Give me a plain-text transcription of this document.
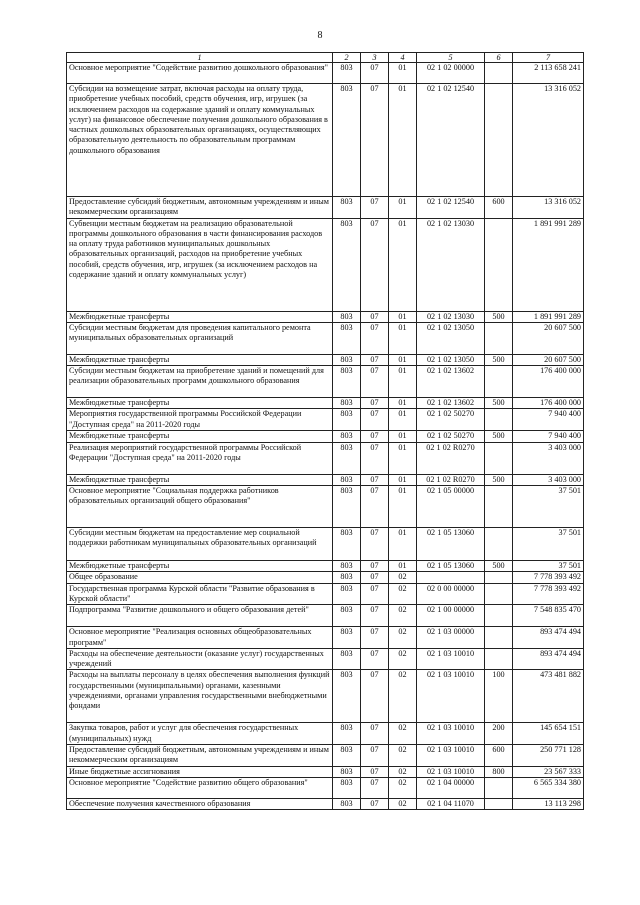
8
1	2	3	4	5	6	7
Основное мероприятие "Содействие развитию дошкольного образования"	803	07	01	02 1 02 00000		2 113 658 241
Субсидии на возмещение затрат, включая расходы на оплату труда, приобретение учебных пособий, средств обучения, игр, игрушек (за исключением расходов на содержание зданий и оплату коммунальных услуг) на финансовое обеспечение получения дошкольного образования в частных дошкольных образовательных организациях, осуществляющих образовательную деятельность по образовательным программам дошкольного образования	803	07	01	02 1 02 12540		13 316 052
Предоставление субсидий бюджетным, автономным учреждениям и иным некоммерческим организациям	803	07	01	02 1 02 12540	600	13 316 052
Субвенции местным бюджетам на реализацию образовательной программы дошкольного образования в части финансирования расходов на оплату труда работников муниципальных дошкольных образовательных организаций, расходов на приобретение учебных пособий, средств обучения, игр, игрушек (за исключением расходов на содержание зданий и оплату коммунальных услуг)	803	07	01	02 1 02 13030		1 891 991 289
Межбюджетные трансферты	803	07	01	02 1 02 13030	500	1 891 991 289
Субсидии местным бюджетам для проведения капитального ремонта муниципальных образовательных организаций	803	07	01	02 1 02 13050		20 607 500
Межбюджетные трансферты	803	07	01	02 1 02 13050	500	20 607 500
Субсидии местным бюджетам на приобретение зданий и помещений для реализации образовательных программ дошкольного образования	803	07	01	02 1 02 13602		176 400 000
Межбюджетные трансферты	803	07	01	02 1 02 13602	500	176 400 000
Мероприятия государственной программы Российской Федерации "Доступная среда" на 2011-2020 годы	803	07	01	02 1 02 50270		7 940 400
Межбюджетные трансферты	803	07	01	02 1 02 50270	500	7 940 400
Реализация мероприятий государственной программы Российской Федерации "Доступная среда" на 2011-2020 годы	803	07	01	02 1 02 R0270		3 403 000
Межбюджетные трансферты	803	07	01	02 1 02 R0270	500	3 403 000
Основное мероприятие "Социальная поддержка работников образовательных организаций общего образования"	803	07	01	02 1 05 00000		37 501
Субсидии местным бюджетам на предоставление мер социальной поддержки работникам муниципальных образовательных организаций	803	07	01	02 1 05 13060		37 501
Межбюджетные трансферты	803	07	01	02 1 05 13060	500	37 501
Общее образование	803	07	02			7 778 393 492
Государственная программа Курской области "Развитие образования в Курской области"	803	07	02	02 0 00 00000		7 778 393 492
Подпрограмма "Развитие дошкольного и общего образования детей"	803	07	02	02 1 00 00000		7 548 835 470
Основное мероприятие "Реализация основных общеобразовательных программ"	803	07	02	02 1 03 00000		893 474 494
Расходы на обеспечение деятельности (оказание услуг) государственных учреждений	803	07	02	02 1 03 10010		893 474 494
Расходы на выплаты персоналу в целях обеспечения выполнения функций государственными (муниципальными) органами, казенными учреждениями, органами управления государственными внебюджетными фондами	803	07	02	02 1 03 10010	100	473 481 882
Закупка товаров, работ и услуг для обеспечения государственных (муниципальных) нужд	803	07	02	02 1 03 10010	200	145 654 151
Предоставление субсидий бюджетным, автономным учреждениям и иным некоммерческим организациям	803	07	02	02 1 03 10010	600	250 771 128
Иные бюджетные ассигнования	803	07	02	02 1 03 10010	800	23 567 333
Основное мероприятие "Содействие развитию общего образования"	803	07	02	02 1 04 00000		6 565 334 380
Обеспечение получения качественного образования	803	07	02	02 1 04 11070		13 113 298
